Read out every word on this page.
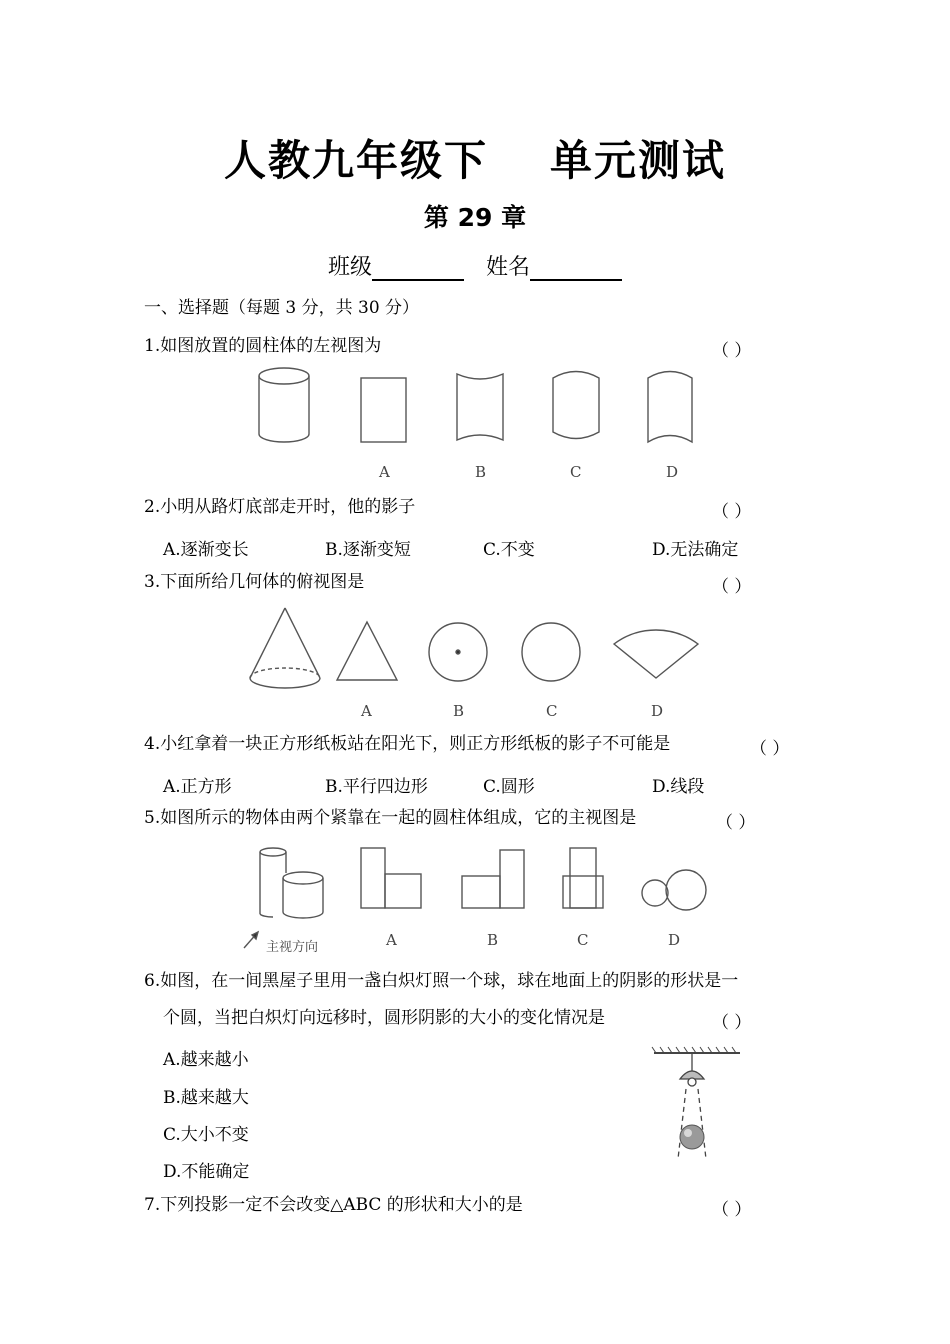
人教九年级下 单元测试
第 29 章
班级	姓名
一、选择题（每题 3 分，共 30 分）
1.如图放置的圆柱体的左视图为	（ ）
A	B	C	D
2.小明从路灯底部走开时，他的影子	（ ）
A.逐渐变长	B.逐渐变短	C.不变	D.无法确定
3.下面所给几何体的俯视图是	（ ）
A	B	C	D
4.小红拿着一块正方形纸板站在阳光下，则正方形纸板的影子不可能是	（ ）
A.正方形	B.平行四边形	C.圆形	D.线段
5.如图所示的物体由两个紧靠在一起的圆柱体组成，它的主视图是	（ ）
主视方向	A	B	C	D
6.如图，在一间黑屋子里用一盏白炽灯照一个球，球在地面上的阴影的形状是一
个圆，当把白炽灯向远移时，圆形阴影的大小的变化情况是	（ ）
A.越来越小
B.越来越大
C.大小不变
D.不能确定
7.下列投影一定不会改变△ABC 的形状和大小的是	（ ）
